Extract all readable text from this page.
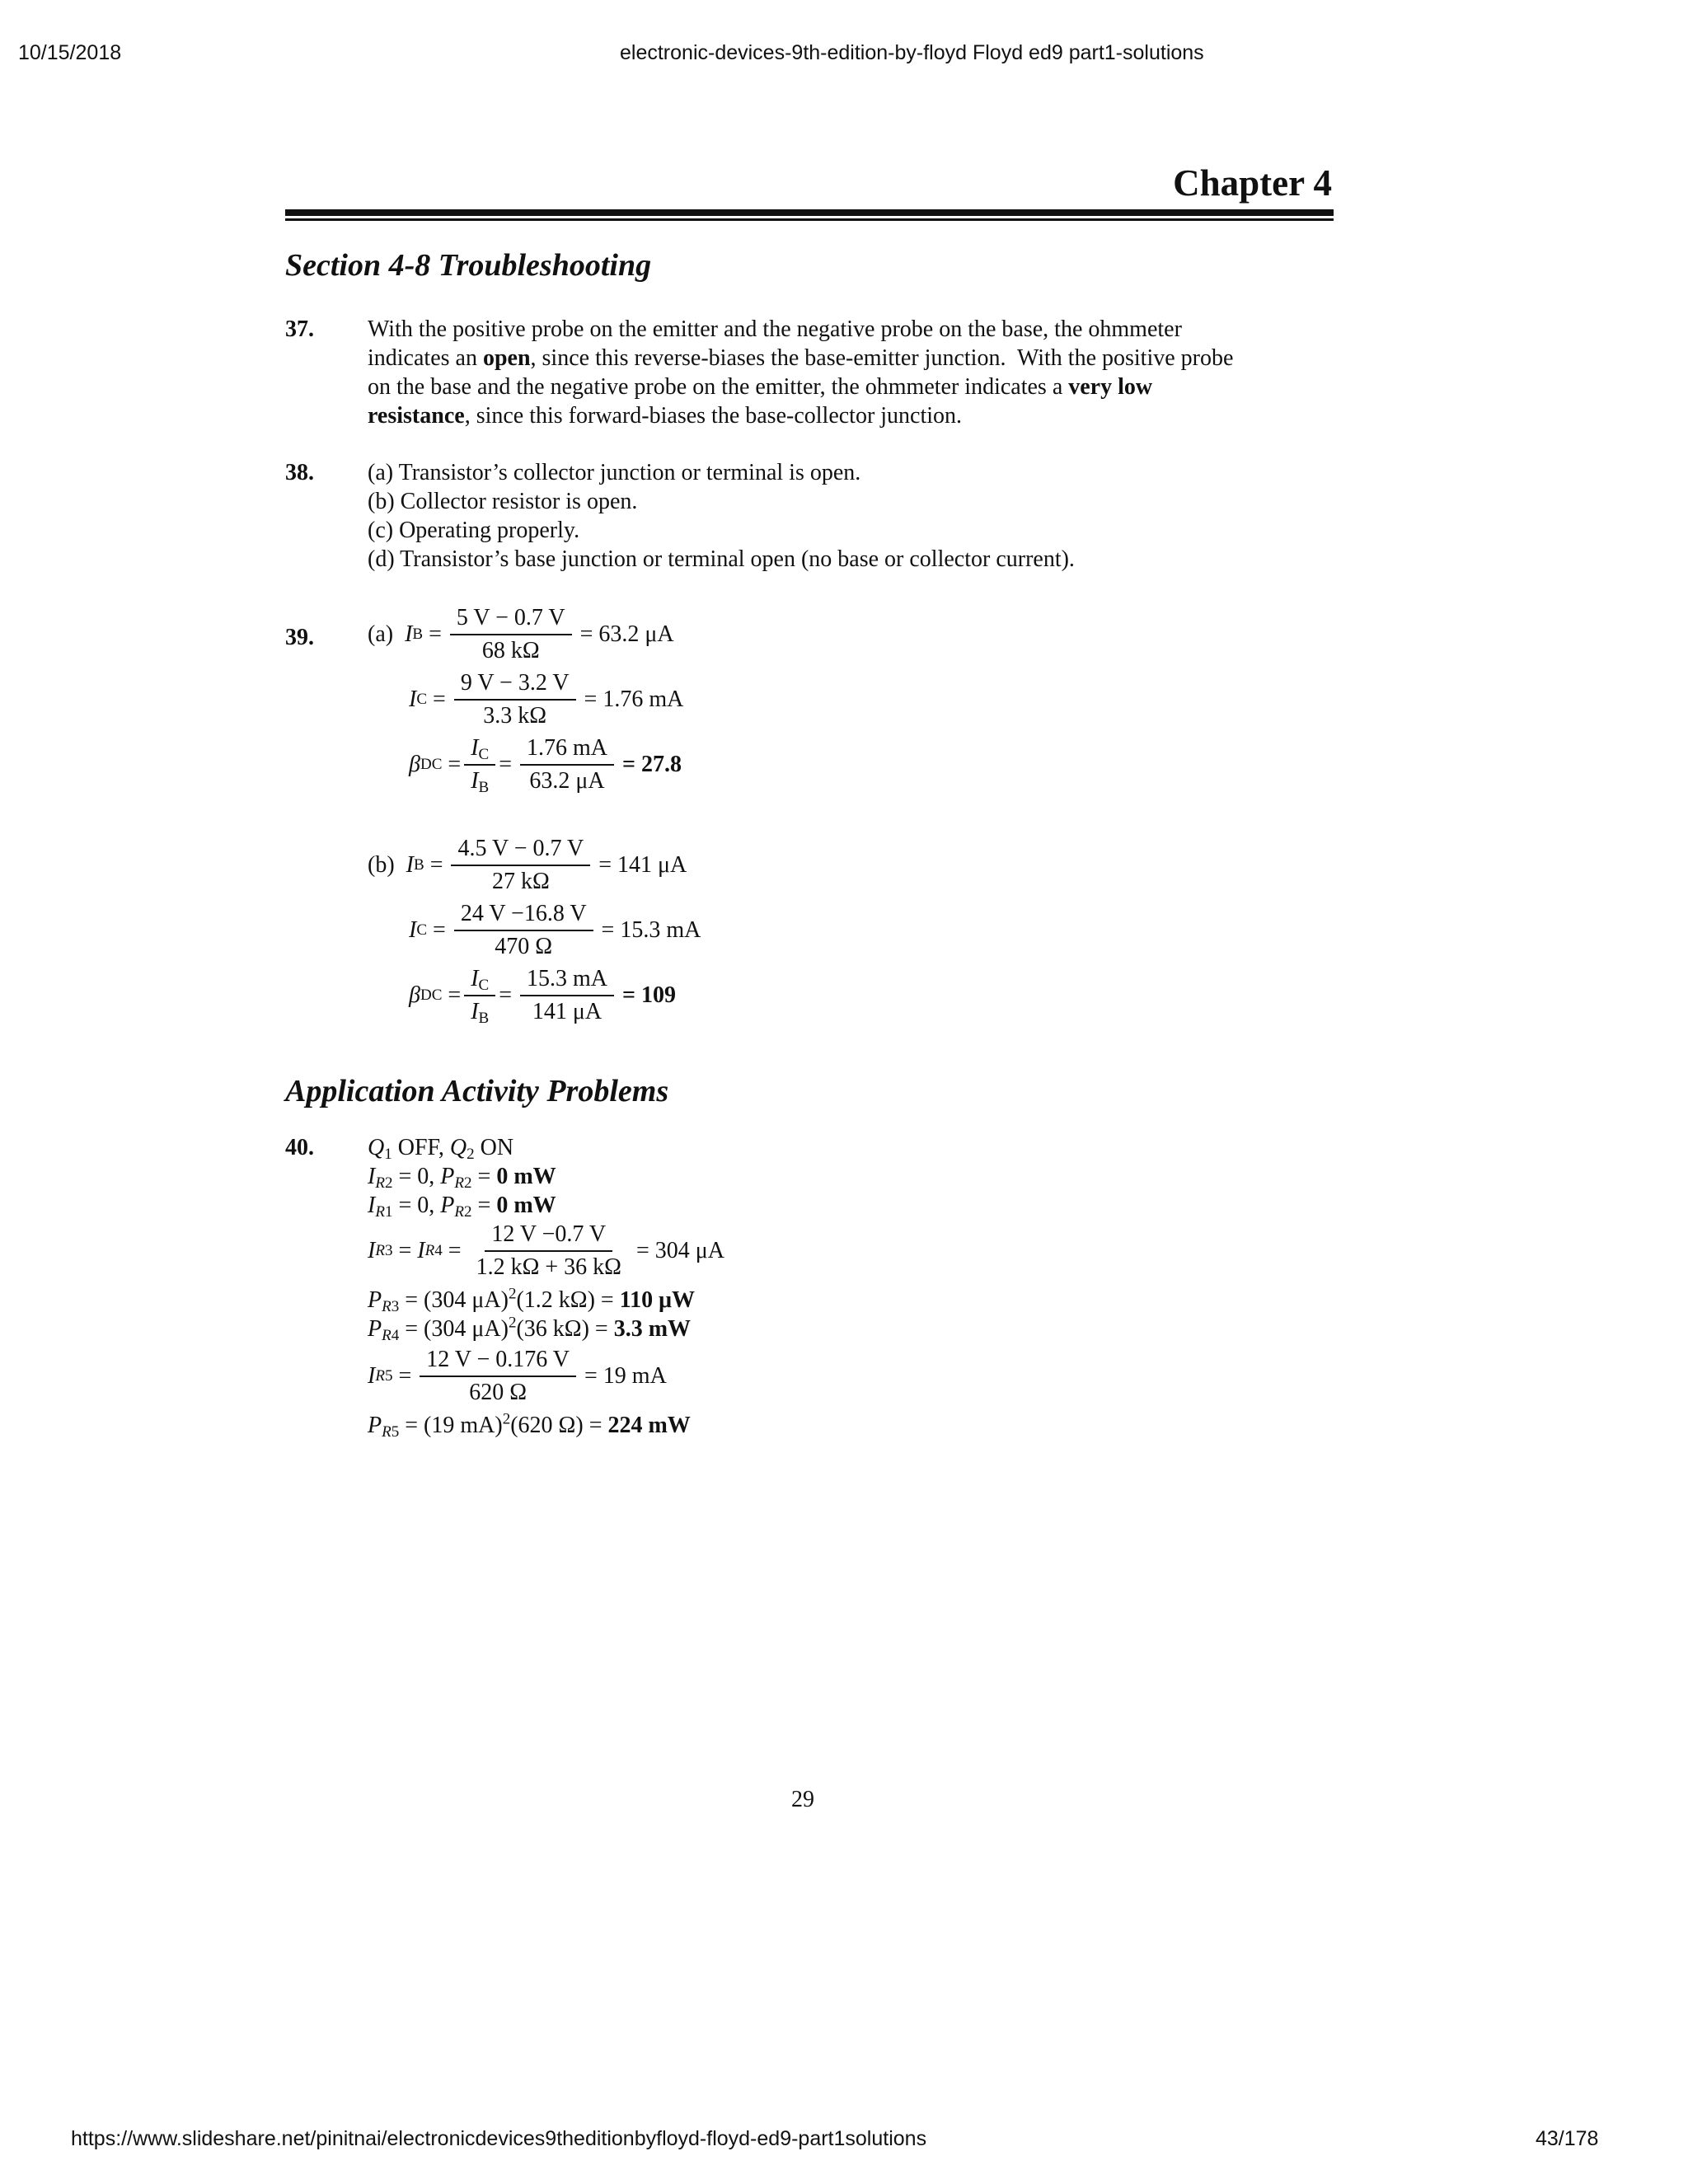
10/15/2018	electronic-devices-9th-edition-by-floyd Floyd ed9 part1-solutions
Chapter 4
Section 4-8 Troubleshooting
37. With the positive probe on the emitter and the negative probe on the base, the ohmmeter
indicates an open, since this reverse-biases the base-emitter junction.  With the positive probe
on the base and the negative probe on the emitter, the ohmmeter indicates a very low
resistance, since this forward-biases the base-collector junction.
38. (a) Transistor’s collector junction or terminal is open.
(b) Collector resistor is open.
(c) Operating properly.
(d) Transistor’s base junction or terminal open (no base or collector current).
39. (a)
I $B = \frac{5 V - 0.7 V}{68 k\Omega} = 63.2$ μA
I $C = \frac{9 V - 3.2 V}{3.3 k\Omega} = 1.76$ mA
β DC = $\frac{I_C}{I_B} = \frac{1.76 mA}{63.2 \mu A} = 27.8$
(b)
I $B = \frac{4.5 V - 0.7 V}{27 k\Omega} = 141$ μA
I $C = \frac{24 V -16.8 V}{470 \Omega} = 15.3$ mA
β DC = $\frac{I_C}{I_B} = \frac{15.3 mA}{141 \mu A} = 109$
Application Activity Problems
40. $Q_1$ OFF, $Q_2$ ON
$I_{R2} = 0$, $P_{R2} = 0$ mW
$I_{R1} = 0$, $P_{R2} = 0$ mW
I R3 = I $R4 = \frac{12 V -0.7 V}{1.2 k\Omega + 36 k\Omega} = 304$ μA
$P_{R3} = (304$ μA)$^2$(1.2 kΩ) = 110 μW
$P_{R4} = (304$ μA)$^2$(36 kΩ) = 3.3 mW
I $R5 = \frac{12 V - 0.176 V}{620 \Omega} = 19$ mA
$P_{R5} = (19$ mA)$^2$(620 Ω) = 224 mW
29
https://www.slideshare.net/pinitnai/electronicdevices9theditionbyfloyd-floyd-ed9-part1solutions	43/178
